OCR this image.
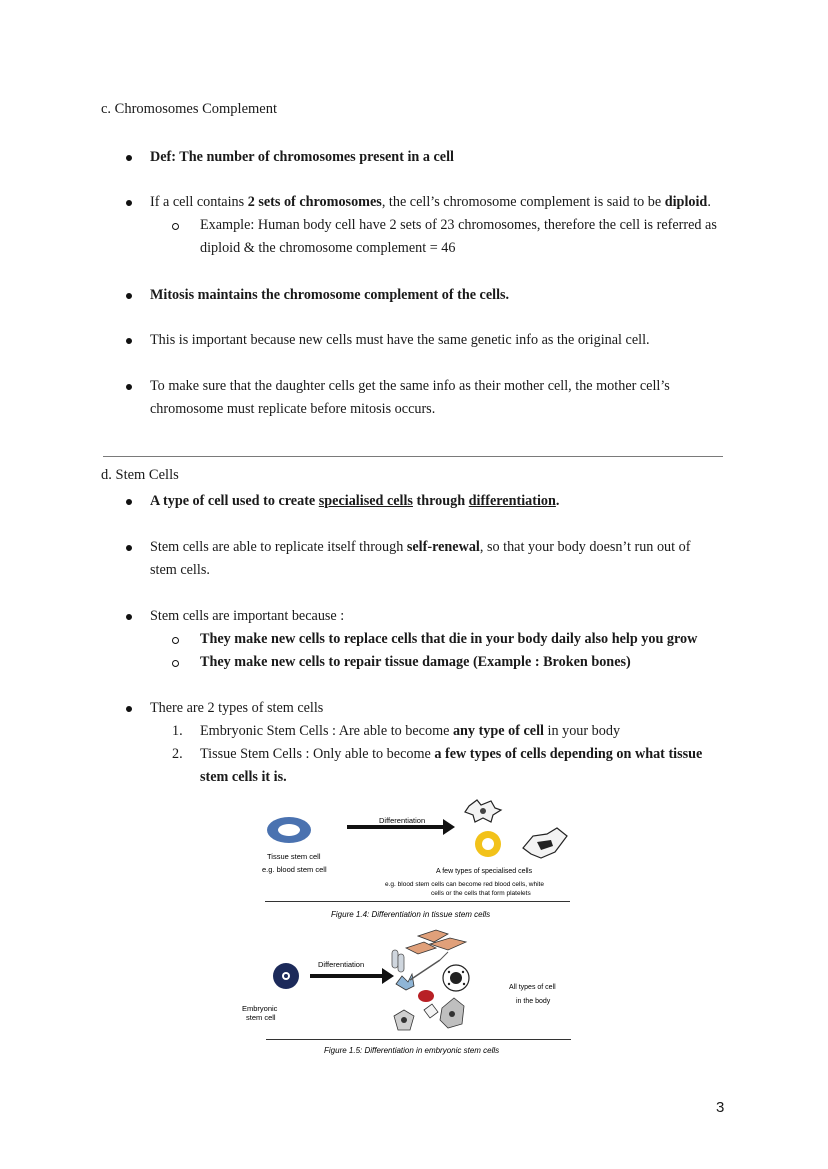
c. Chromosomes Complement
Def: The number of chromosomes present in a cell
If a cell contains 2 sets of chromosomes, the cell’s chromosome complement is said to be diploid.
Example: Human body cell have 2 sets of 23 chromosomes, therefore the cell is referred as diploid & the chromosome complement = 46
Mitosis maintains the chromosome complement of the cells.
This is important because new cells must have the same genetic info as the original cell.
To make sure that the daughter cells get the same info as their mother cell, the mother cell’s chromosome must replicate before mitosis occurs.
d. Stem Cells
A type of cell used to create specialised cells through differentiation.
Stem cells are able to replicate itself through self-renewal, so that your body doesn’t run out of stem cells.
Stem cells are important because :
They make new cells to replace cells that die in your body daily also help you grow
They make new cells to repair tissue damage (Example : Broken bones)
There are 2 types of stem cells
1. Embryonic Stem Cells : Are able to become any type of cell in your body
2. Tissue Stem Cells : Only able to become a few types of cells depending on what tissue stem cells it is.
Differentiation
Tissue stem cell
e.g. blood stem cell	A few types of specialised cells
e.g. blood stem cells can become red blood cells, white
cells or the cells that form platelets
Figure 1.4: Differentiation in tissue stem cells
Differentiation
All types of cell
in the body
Embryonic
stem cell
Figure 1.5: Differentiation in embryonic stem cells
3
